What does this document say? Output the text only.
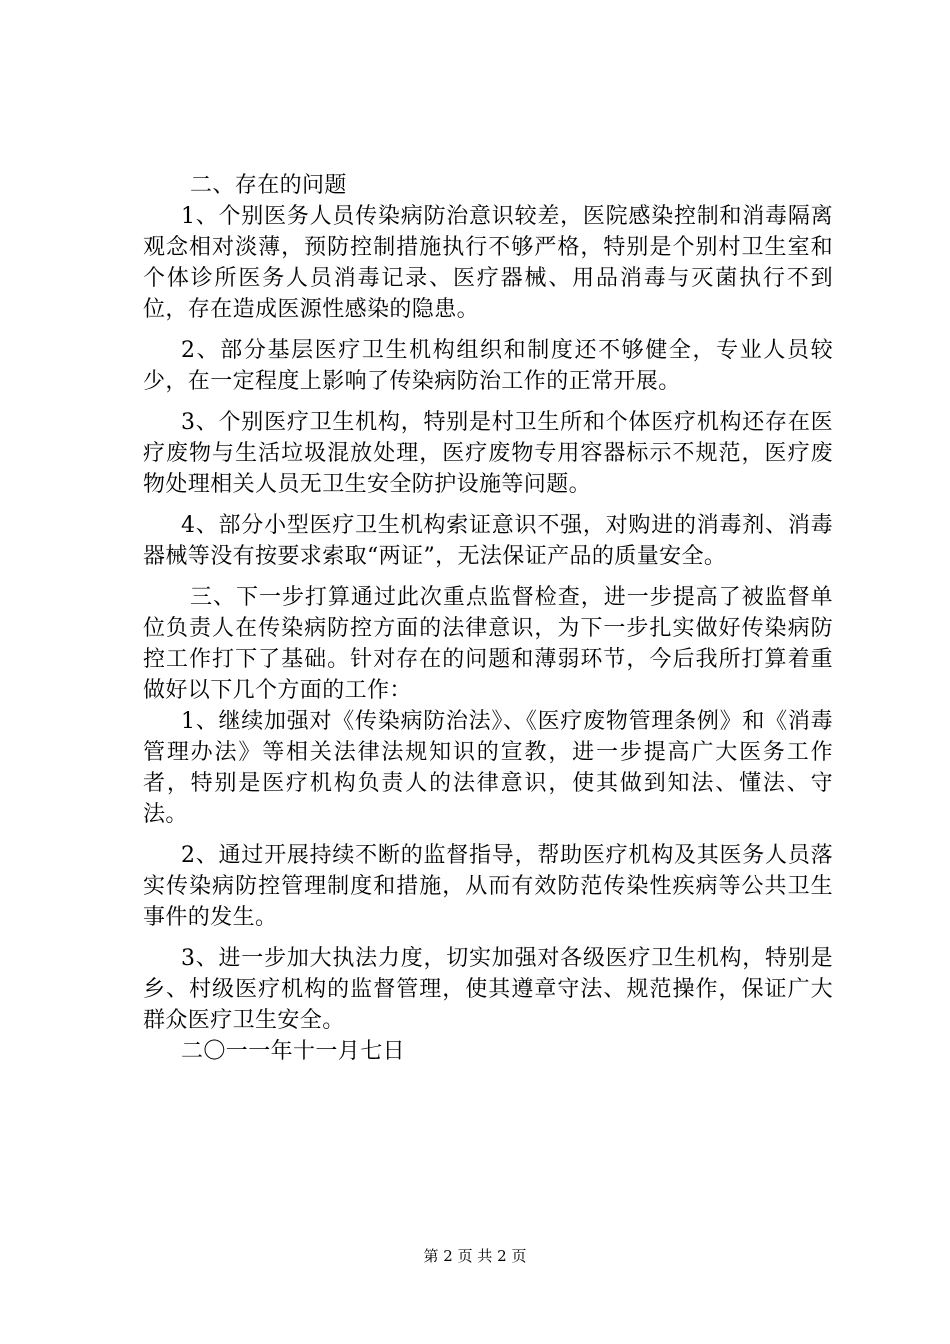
二、存在的问题

1、个别医务人员传染病防治意识较差，医院感染控制和消毒隔离观念相对淡薄，预防控制措施执行不够严格，特别是个别村卫生室和个体诊所医务人员消毒记录、医疗器械、用品消毒与灭菌执行不到位，存在造成医源性感染的隐患。

2、部分基层医疗卫生机构组织和制度还不够健全，专业人员较少，在一定程度上影响了传染病防治工作的正常开展。

3、个别医疗卫生机构，特别是村卫生所和个体医疗机构还存在医疗废物与生活垃圾混放处理，医疗废物专用容器标示不规范，医疗废物处理相关人员无卫生安全防护设施等问题。

4、部分小型医疗卫生机构索证意识不强，对购进的消毒剂、消毒器械等没有按要求索取“两证”，无法保证产品的质量安全。

三、下一步打算通过此次重点监督检查，进一步提高了被监督单位负责人在传染病防控方面的法律意识，为下一步扎实做好传染病防控工作打下了基础。针对存在的问题和薄弱环节，今后我所打算着重做好以下几个方面的工作：

1、继续加强对《传染病防治法》、《医疗废物管理条例》和《消毒管理办法》等相关法律法规知识的宣教，进一步提高广大医务工作者，特别是医疗机构负责人的法律意识，使其做到知法、懂法、守法。

2、通过开展持续不断的监督指导，帮助医疗机构及其医务人员落实传染病防控管理制度和措施，从而有效防范传染性疾病等公共卫生事件的发生。

3、进一步加大执法力度，切实加强对各级医疗卫生机构，特别是乡、村级医疗机构的监督管理，使其遵章守法、规范操作，保证广大群众医疗卫生安全。

二〇一一年十一月七日

第 2 页 共 2 页
